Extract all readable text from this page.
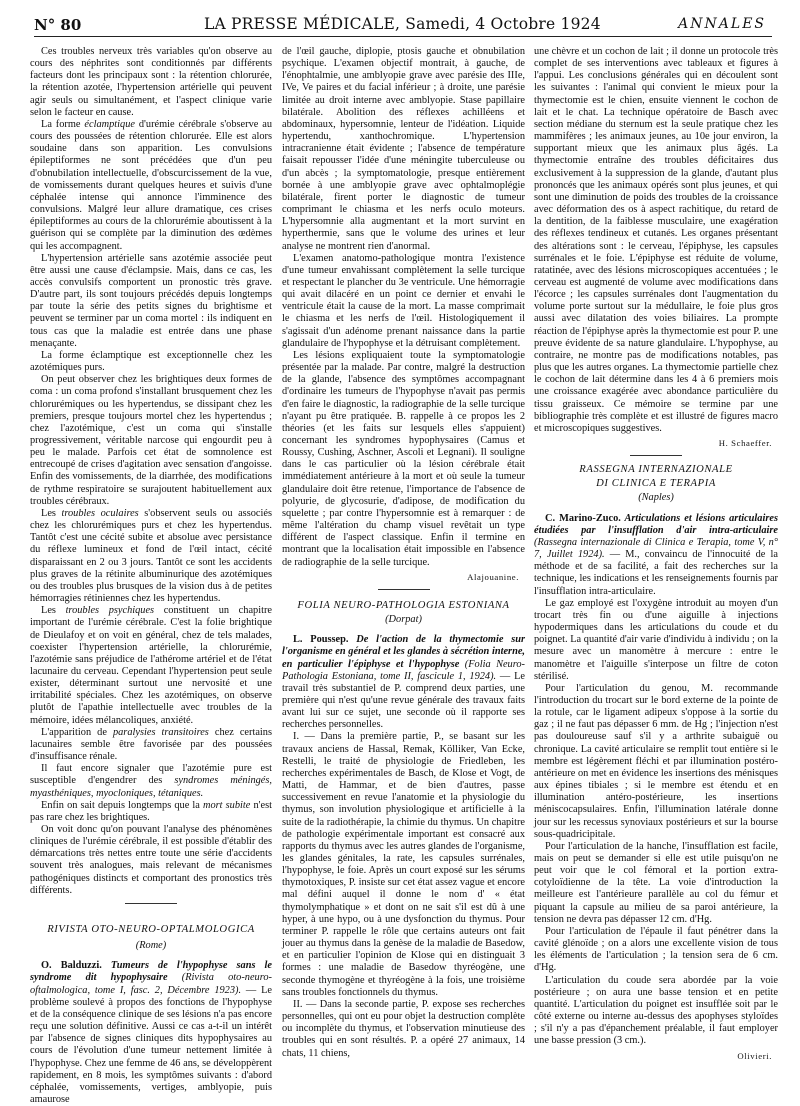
N° 80	LA PRESSE MÉDICALE, Samedi, 4 Octobre 1924	ANNALES

Ces troubles nerveux très variables qu'on observe au cours des néphrites sont conditionnés par différents facteurs dont les principaux sont : la rétention chlorurée, la rétention azotée, l'hypertension artérielle qui peuvent agir seuls ou simultanément, et l'aspect clinique varie selon le facteur en cause.

La forme éclamptique d'urémie cérébrale s'observe au cours des poussées de rétention chlorurée. Elle est alors soudaine dans son apparition. Les convulsions épileptiformes ne sont précédées que d'un peu d'obnubilation intellectuelle, d'obscurcissement de la vue, de vomissements durant quelques heures et suivis d'une céphalée intense qui annonce l'imminence des convulsions. Malgré leur allure dramatique, ces crises épileptiformes au cours de la chlorurémie aboutissent à la guérison qui se complète par la diminution des œdèmes qui les accompagnent.

L'hypertension artérielle sans azotémie associée peut être aussi une cause d'éclampsie. Mais, dans ce cas, les accès convulsifs comportent un pronostic très grave. D'autre part, ils sont toujours précédés depuis longtemps par toute la série des petits signes du brightisme et peuvent se terminer par un coma mortel : ils indiquent en tous cas que la maladie est entrée dans une phase menaçante.

La forme éclamptique est exceptionnelle chez les azotémiques purs.

On peut observer chez les brightiques deux formes de coma : un coma profond s'installant brusquement chez les chlorurémiques ou les hypertendus, se dissipant chez les premiers, presque toujours mortel chez les hypertendus ; chez l'azotémique, c'est un coma qui s'installe progressivement, véritable narcose qui engourdit peu à peu le malade. Parfois cet état de somnolence est entrecoupé de crises d'agitation avec sensation d'angoisse. Enfin des vomissements, de la diarrhée, des modifications de rythme respiratoire se surajoutent habituellement aux troubles cérébraux.

Les troubles oculaires s'observent seuls ou associés chez les chlorurémiques purs et chez les hypertendus. Tantôt c'est une cécité subite et absolue avec persistance du réflexe lumineux et fond de l'œil intact, cécité disparaissant en 2 ou 3 jours. Tantôt ce sont les accidents plus graves de la rétinite albuminurique des azotémiques ou des troubles plus brusques de la vision dus à de petites hémorragies rétiniennes chez les hypertendus.

Les troubles psychiques constituent un chapitre important de l'urémie cérébrale. C'est la folie brightique de Dieulafoy et on voit en général, chez de tels malades, coexister l'hypertension artérielle, la chlorurémie, l'azotémie sans préjudice de l'athérome artériel et de l'état lacunaire du cerveau. Cependant l'hypertension peut seule exister, déterminant surtout une nervosité et une irritabilité spéciales. Chez les azotémiques, on observe plutôt de l'apathie intellectuelle avec troubles de la mémoire, idées mélancoliques, anxiété.

L'apparition de paralysies transitoires chez certains lacunaires semble être favorisée par des poussées d'insuffisance rénale.

Il faut encore signaler que l'azotémie pure est susceptible d'engendrer des syndromes méningés, myasthéniques, myocloniques, tétaniques.

Enfin on sait depuis longtemps que la mort subite n'est pas rare chez les brightiques.

On voit donc qu'on pouvant l'analyse des phénomènes cliniques de l'urémie cérébrale, il est possible d'établir des démarcations très nettes entre toute une série d'accidents souvent très analogues, mais relevant de mécanismes pathogéniques distincts et comportant des pronostics très différents.

RIVISTA OTO-NEURO-OPTALMOLOGICA

(Rome)

O. Balduzzi. Tumeurs de l'hypophyse sans le syndrome dit hypophysaire (Rivista oto-neuro-oftalmologica, tome I, fasc. 2, Décembre 1923). — Le problème soulevé à propos des fonctions de l'hypophyse et de la conséquence clinique de ses lésions n'a pas encore reçu une solution définitive. Aussi ce cas a-t-il un intérêt par l'absence de signes cliniques dits hypophysaires au cours de l'évolution d'une tumeur nettement limitée à l'hypophyse. Chez une femme de 46 ans, se développèrent rapidement, en 8 mois, les symptômes suivants : d'abord céphalée, vomissements, vertiges, amblyopie, puis amaurose

de l'œil gauche, diplopie, ptosis gauche et obnubilation psychique. L'examen objectif montrait, à gauche, de l'énophtalmie, une amblyopie grave avec parésie des IIIe, IVe, Ve paires et du facial inférieur ; à droite, une parésie limitée au droit interne avec amblyopie. Stase papillaire bilatérale. Abolition des réflexes achilléens et abdominaux, hypersomnie, lenteur de l'idéation. Liquide hypertendu, xanthochromique. L'hypertension intracranienne était évidente ; l'absence de température faisait repousser l'idée d'une méningite tuberculeuse ou d'un abcès ; la symptomatologie, presque entièrement bornée à une amblyopie grave avec ophtalmoplégie bilatérale, firent porter le diagnostic de tumeur comprimant le chiasma et les nerfs oculo moteurs. L'hypersomnie alla augmentant et la mort survint en hyperthermie, sans que le volume des urines et leur analyse ne montrent rien d'anormal.

L'examen anatomo-pathologique montra l'existence d'une tumeur envahissant complètement la selle turcique et respectant le plancher du 3e ventricule. Une hémorragie qui avait dilacéré en un point ce dernier et envahi le ventricule était la cause de la mort. La masse comprimait le chiasma et les nerfs de l'œil. Histologiquement il s'agissait d'un adénome prenant naissance dans la partie glandulaire de l'hypophyse et la détruisant complètement.

Les lésions expliquaient toute la symptomatologie présentée par la malade. Par contre, malgré la destruction de la glande, l'absence des symptômes accompagnant d'ordinaire les tumeurs de l'hypophyse n'avait pas permis d'en faire le diagnostic, la radiographie de la selle turcique n'ayant pu être pratiquée. B. rappelle à ce propos les 2 théories (et les faits sur lesquels elles s'appuient) concernant les syndromes hypophysaires (Camus et Roussy, Cushing, Aschner, Ascoli et Legnani). Il souligne dans le cas particulier où la lésion cérébrale était immédiatement antérieure à la mort et où seule la tumeur glandulaire doit être retenue, l'importance de l'absence de polyurie, de glycosurie, d'adipose, de modification du squelette ; par contre l'hypersomnie est à remarquer : de même l'altération du champ visuel revêtait un type différent de l'aspect classique. Enfin il termine en montrant que la localisation était impossible en l'absence de radiographie de la selle turcique.

Alajouanine.

FOLIA NEURO-PATHOLOGIA ESTONIANA

(Dorpat)

L. Poussep. De l'action de la thymectomie sur l'organisme en général et les glandes à sécrétion interne, en particulier l'épiphyse et l'hypophyse (Folia Neuro-Pathologia Estoniana, tome II, fascicule 1, 1924). — Le travail très substantiel de P. comprend deux parties, une première qui n'est qu'une revue générale des travaux faits avant lui sur ce sujet, une seconde où il rapporte ses recherches personnelles.

I. — Dans la première partie, P., se basant sur les travaux anciens de Hassal, Remak, Kölliker, Van Ecke, Restelli, le traité de physiologie de Friedleben, les recherches expérimentales de Basch, de Klose et Vogt, de Matti, de Hammar, et de bien d'autres, passe successivement en revue l'anatomie et la physiologie du thymus, son involution physiologique et artificielle à la suite de la radiothérapie, la chimie du thymus. Un chapitre de pathologie expérimentale important est consacré aux rapports du thymus avec les autres glandes de l'organisme, les glandes génitales, la rate, les capsules surrénales, l'hypophyse, le foie. Après un court exposé sur les sérums thymotoxiques, P. insiste sur cet état assez vague et encore mal défini auquel il donne le nom d' « état thymolymphatique » et dont on ne sait s'il est dû à une hyper, à une hypo, ou à une dysfonction du thymus. Pour terminer P. rappelle le rôle que certains auteurs ont fait jouer au thymus dans la genèse de la maladie de Basedow, et en particulier l'opinion de Klose qui en distinguait 3 formes : une maladie de Basedow thyréogène, une seconde thymogène et thyréogène à la fois, une troisième sans troubles fonctionnels du thymus.

II. — Dans la seconde partie, P. expose ses recherches personnelles, qui ont eu pour objet la destruction complète ou incomplète du thymus, et l'observation minutieuse des troubles qui en sont résultés. P. a opéré 27 animaux, 14 chats, 11 chiens,

une chèvre et un cochon de lait ; il donne un protocole très complet de ses interventions avec tableaux et figures à l'appui. Les conclusions générales qui en découlent sont les suivantes : l'animal qui convient le mieux pour la thymectomie est le chien, ensuite viennent le cochon de lait et le chat. La technique opératoire de Basch avec section médiane du sternum est la seule pratique chez les mammifères ; les animaux jeunes, au 10e jour environ, la supportant mieux que les animaux plus âgés. La thymectomie entraîne des troubles déficitaires dus exclusivement à la suppression de la glande, d'autant plus prononcés que les animaux opérés sont plus jeunes, et qui sont une diminution de poids des troubles de la croissance avec déformation des os à aspect rachitique, du retard de la dentition, de la faiblesse musculaire, une exagération des réflexes tendineux et cutanés. Les organes présentant des altérations sont : le cerveau, l'épiphyse, les capsules surrénales et le foie. L'épiphyse est réduite de volume, ratatinée, avec des lésions microscopiques accentuées ; le cerveau est augmenté de volume avec modifications dans l'écorce ; les capsules surrénales dont l'augmentation du volume porte surtout sur la médullaire, le foie plus gros aussi avec dilatation des voies biliaires. La prompte réaction de l'épiphyse après la thymectomie est pour P. une preuve évidente de sa nature glandulaire. L'hypophyse, au contraire, ne montre pas de modifications notables, pas plus que les autres organes. La thymectomie partielle chez le cochon de lait détermine dans les 4 à 6 premiers mois une croissance exagérée avec abondance particulière du tissu graisseux. Ce mémoire se termine par une bibliographie très complète et est illustré de figures macro et microscopiques suggestives.

H. Schaeffer.

RASSEGNA INTERNAZIONALE

DI CLINICA E TERAPIA

(Naples)

C. Marino-Zuco. Articulations et lésions articulaires étudiées par l'insufflation d'air intra-articulaire (Rassegna internazionale di Clinica e Terapia, tome V, n° 7, Juillet 1924). — M., convaincu de l'innocuité de la méthode et de sa facilité, a fait des recherches sur la technique, les indications et les renseignements fournis par l'insufflation intra-articulaire.

Le gaz employé est l'oxygène introduit au moyen d'un trocart très fin ou d'une aiguille à injections hypodermiques dans les articulations du coude et du poignet. La quantité d'air varie d'individu à individu ; on la mesure avec un manomètre à mercure : entre le manomètre et l'aiguille s'interpose un filtre de coton stérilisé.

Pour l'articulation du genou, M. recommande l'introduction du trocart sur le bord externe de la pointe de la rotule, car le ligament adipeux s'oppose à la sortie du gaz ; il ne faut pas dépasser 6 mm. de Hg ; l'injection n'est pas douloureuse sauf s'il y a arthrite subaiguë ou chronique. La cavité articulaire se remplit tout entière si le membre est légèrement fléchi et par illumination postéro-antérieure on met en évidence les insertions des ménisques aux épines tibiales ; si le membre est étendu et en illumination antéro-postérieure, les insertions méniscocapsulaires. Enfin, l'illumination latérale donne jour sur les recessus synoviaux postérieurs et sur la bourse sous-quadricipitale.

Pour l'articulation de la hanche, l'insufflation est facile, mais on peut se demander si elle est utile puisqu'on ne peut voir que le col fémoral et la portion extra-cotyloïdienne de la tête. La voie d'introduction la meilleure est l'antérieure parallèle au col du fémur et piquant la capsule au milieu de sa paroi antérieure, la tension ne devra pas dépasser 12 cm. d'Hg.

Pour l'articulation de l'épaule il faut pénétrer dans la cavité glénoïde ; on a alors une excellente vision de tous les éléments de l'articulation ; la tension sera de 6 cm. d'Hg.

L'articulation du coude sera abordée par la voie postérieure ; on aura une basse tension et en petite quantité. L'articulation du poignet est insufflée soit par le côté externe ou interne au-dessus des apophyses styloïdes ; s'il n'y a pas d'épanchement préalable, il faut employer une basse pression (3 cm.).

Olivieri.
